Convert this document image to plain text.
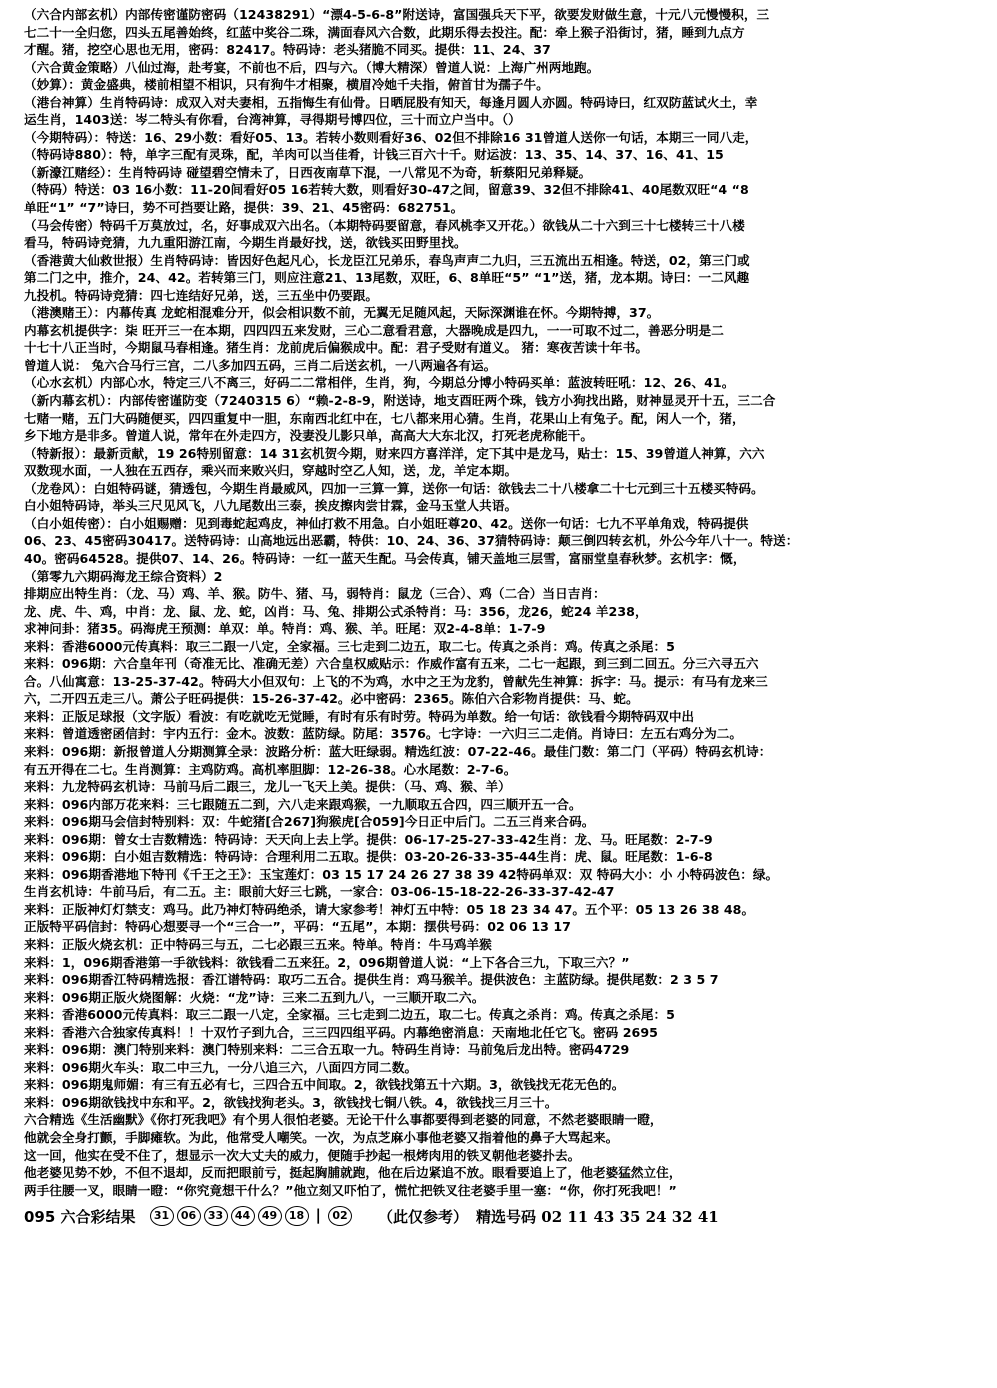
（六合内部玄机）内部传密谨防密码（12438291）“漂4-5-6-8”附送诗，富国强兵天下平，欲要发财做生意，十元八元慢慢积，三
七二十一全归您，四头五尾善始终，红蓝中奖谷二珠，满面春风六合数，此期乐得去投注。配：牵上猴子沿街讨，猪，睡到九点方
才醒。猪，挖空心思也无用，密码：82417。特码诗：老头猪脆不同买。提供：11、24、37
（六合黄金策略）八仙过海，赴考宴，不前也不后，四与六。（博大精深）曾道人说：上海广州两地跑。
（妙算）：黄金盛典，楼前相望不相识，只有狗牛才相聚，横眉冷她千夫指，俯首甘为孺子牛。
（港台神算）生肖特码诗：成双入对夫妻相，五指悔生有仙骨。日晒屁股有知天，每逢月圆人亦圆。特码诗曰，红双防蓝试火土，幸
运生肖，1403送：岑二特头有你看，台湾神算，寻得期号博四位，三十而立户当中。（）
（今期特码）：特送：16、29小数：看好05、13。若转小数则看好36、02但不排除16 31曾道人送你一句话，本期三一同八走，
（特码诗880）：特，单字三配有灵珠，配，羊肉可以当佳肴，计钱三百六十千。财运波：13、35、14、37、16、41、15
（新濠江赌经）：生肖特码诗 碰望碧空情未了，日西夜南草下混，一八常见不为奇，斩蔡阳兄弟释疑。
（特码）特送：03 16小数：11-20间看好05 16若转大数，则看好30-47之间，留意39、32但不排除41、40尾数双旺“4 “8
单旺“1” “7”诗曰，势不可挡要让路，提供：39、21、45密码：682751。
（马会传密）特码千万莫放过，名，好事成双六出名。（本期特码要留意，春风桃李又开花。）欲钱从二十六到三十七楼转三十八楼
看马，特码诗竞猜，九九重阳游江南，今期生肖最好找，送，欲钱买田野里找。
（香港黄大仙救世报）生肖特码诗：皆因好色起凡心，长龙臣江兄弟乐，春鸟声声二九归，三五流出五相逢。特送，02，第三门或
第二门之中，推介，24、42。若转第三门，则应注意21、13尾数，双旺，6、8单旺“5” “1”送，猪，龙本期。诗曰：一二风趣
九投机。特码诗竞猜：四七连结好兄弟，送，三五坐中仍要跟。
（港澳赌王）：内幕传真 龙蛇相混难分开，似会相识数不前，无翼无足随风起，天际深渊谁在怀。今期特搏，37。
内幕玄机提供字：柒 旺开三一在本期，四四四五来发财，三心二意看君意，大器晚成是四九，一一可取不过二，善恶分明是二
十七十八正当时，今期鼠马春相逢。猪生肖：龙前虎后偏猴成中。配：君子受财有道义。 猪：寒夜苦读十年书。
曾道人说： 兔六合马行三宫，二八多加四五码，三肖二后送玄机，一八两遍各有运。
（心水玄机）内部心水，特定三八不离三，好码二二常相伴，生肖，狗，今期总分博小特码买单：蓝波转旺吼：12、26、41。
（新内幕玄机）：内部传密谨防变（7240315 6）“赖-2-8-9，附送诗，地支酉旺两个珠，钱方小狗找出路，财神显灵开十五，三二合
七赌一赌，五门大码随便买，四四重复中一胆，东南西北红中在，七八都来用心猜。生肖，花果山上有兔子。配，闲人一个，猪，
乡下地方是非多。曾道人说，常年在外走四方，没妻没儿影只单，高高大大东北汉，打死老虎称能干。
（特新报）：最新贡献，19 26特别留意：14 31玄机贺今期，财来四方喜洋洋，定下其中是龙马，贴士：15、39曾道人神算，六六
双数现水面，一人独在五西存，乘兴而来败兴归，穿越时空乙人知，送，龙，羊定本期。
（龙卷风）：白姐特码谜，猜透包，今期生肖最威风，四加一三算一算，送你一句话：欲钱去二十八楼拿二十七元到三十五楼买特码。
白小姐特码诗，举头三尺见风飞，八九尾数出三泰，挨皮擦肉尝甘霖，金马玉堂人共语。
（白小姐传密）：白小姐赐赠：见到毒蛇起鸡皮，神仙打救不用急。白小姐旺尊20、42。送你一句话：七九不平单角戏，特码提供
06、23、45密码30417。送特码诗：山高地远出恶霸，特供：10、24、36、37猜特码诗：颠三倒四转玄机，外公今年八十一。特送：
40。密码64528。提供07、14、26。特码诗：一红一蓝天生配。马会传真，铺天盖地三层雪，富丽堂皇春秋梦。玄机字：慨，
（第零九六期码海龙王综合资料）2
排期应出特生肖：（龙、马）鸡、羊、猴。防牛、猪、马，弱特肖：鼠龙（三合）、鸡（二合）当日吉肖：
龙、虎、牛、鸡，中肖：龙、鼠、龙、蛇，凶肖：马、兔、排期公式杀特肖：马：356，龙26，蛇24 羊238，
求神问卦：猪35。码海虎王预测：单双：单。特肖：鸡、猴、羊。旺尾：双2-4-8单：1-7-9
来料：香港6000元传真料：取三二跟一八定，全家福。三七走到二边五，取二七。传真之杀肖：鸡。传真之杀尾：5
来料：096期：六合皇年刊（奇准无比、准确无差）六合皇权威贴示：作威作富有五来，二七一起跟，到三到二回五。分三六寻五六
合。八仙寓意：13-25-37-42。特码大小但双句：上飞的不为鸡，水中之王为龙豹，曾献先生神算：拆字：马。提示：有马有龙来三
六，二开四五走三八。萧公子旺码提供：15-26-37-42。必中密码：2365。陈伯六合彩物肖提供：马、蛇。
来料：正版足球报（文字版）看波：有吃就吃无觉睡，有时有乐有时劳。特码为单数。给一句话：欲钱看今期特码双中出
来料：曾道透密函信封：宇内五行：金木。波数：蓝防绿。防尾：3576。七字诗：一六归三二走俏。肖诗曰：左五右鸡分为二。
来料：096期：新报曾道人分期测算全录：波路分析：蓝大旺绿弱。精选红波：07-22-46。最佳门数：第二门（平码）特码玄机诗：
有五开得在二七。生肖测算：主鸡防鸡。高机率胆脚：12-26-38。心水尾数：2-7-6。
来料：九龙特码玄机诗：马前马后二跟三，龙儿一飞天上美。提供：（马、鸡、猴、羊）
来料：096内部万花来料：三七跟随五二到，六八走来跟鸡猴，一九顺取五合四，四三顺开五一合。
来料：096期马会信封特别料：双：牛蛇猪[合267]狗猴虎[合059]今日正中后门。二五三肖来合码。
来料：096期：曾女士吉数精选：特码诗：天天向上去上学。提供：06-17-25-27-33-42生肖：龙、马。旺尾数：2-7-9
来料：096期：白小姐吉数精选：特码诗：合理利用二五取。提供：03-20-26-33-35-44生肖：虎、鼠。旺尾数：1-6-8
来料：096期香港地下特刊《千王之王》：玉宝莲灯：03 15 17 24 26 27 38 39 42特码单双：双 特码大小：小 小特码波色：绿。
生肖玄机诗：牛前马后，有二五。主：眼前大好三七跳，一家合：03-06-15-18-22-26-33-37-42-47
来料：正版神灯灯禁支：鸡马。此乃神灯特码绝杀，请大家参考！神灯五中特：05 18 23 34 47。五个平：05 13 26 38 48。
正版特平码信封：特码心想要寻一个“三合一”，平码：“五尾”，本期：摆供号码：02 06 13 17
来料：正版火烧玄机：正中特码三与五，二七必跟三五来。特单。特肖：牛马鸡羊猴
来料：1，096期香港第一手欲钱料：欲钱看二五来狂。2，096期曾道人说：“上下各合三九，下取三六？”
来料：096期香江特码精选报：香江谱特码：取巧二五合。提供生肖：鸡马猴羊。提供波色：主蓝防绿。提供尾数：2 3 5 7
来料：096期正版火烧图解：火烧：“龙”诗：三来二五到九八，一三顺开取二六。
来料：香港6000元传真料：取三二跟一八定，全家福。三七走到二边五，取二七。传真之杀肖：鸡。传真之杀尾：5
来料：香港六合独家传真料！！十双竹子到九合，三三四四组平码。内幕绝密消息：天南地北任它飞。密码 2695
来料：096期：澳门特别来料：澳门特别来料：二三合五取一九。特码生肖诗：马前兔后龙出特。密码4729
来料：096期火车头：取二中三九，一分八追三六，八面四方同二数。
来料：096期鬼师媚：有三有五必有七，三四合五中间取。2，欲钱找第五十六期。3，欲钱找无花无色的。
来料：096期欲钱找中东和平。2，欲钱找狗老头。3，欲钱找七铜八铁。4，欲钱找三月三十。
六合精选《生活幽默》《你打死我吧》有个男人很怕老婆。无论干什么事都要得到老婆的同意，不然老婆眼睛一瞪，
他就会全身打颤，手脚瘫软。为此，他常受人嘲笑。一次，为点芝麻小事他老婆又指着他的鼻子大骂起来。
这一回，他实在受不住了，想显示一次大丈夫的威力，便随手抄起一根烤肉用的铁叉朝他老婆扑去。
他老婆见势不妙，不但不退却，反而把眼前亏，挺起胸脯就跑，他在后边紧追不放。眼看要追上了，他老婆猛然立住，
两手往腰一叉，眼睛一瞪：“你究竟想干什么？”他立刻又吓怕了，慌忙把铁叉往老婆手里一塞：“你，你打死我吧！”
095 六合彩结果	31	06	33	44	49	18 |	02 （此仅参考） 精选号码 02 11 43 35 24 32 41
